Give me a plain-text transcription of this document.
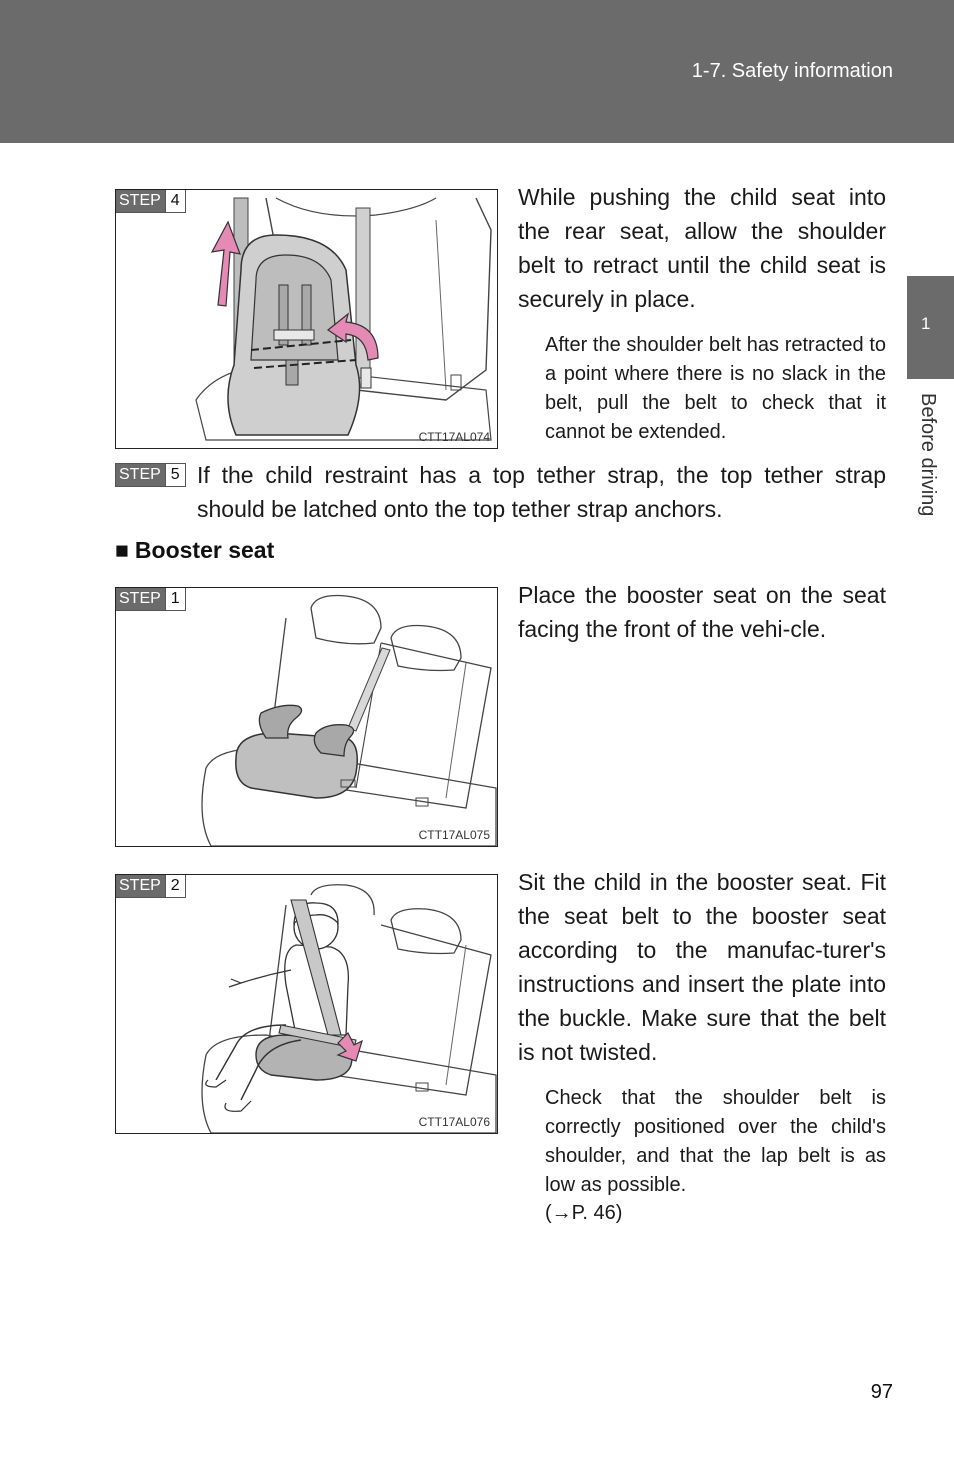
1-7. Safety information
1
Before driving
STEP 4
CTT17AL074
While pushing the child seat into the rear seat, allow the shoulder belt to retract until the child seat is securely in place.
After the shoulder belt has retracted to a point where there is no slack in the belt, pull the belt to check that it cannot be extended.
STEP 5 If the child restraint has a top tether strap, the top tether strap should be latched onto the top tether strap anchors.
■ Booster seat
STEP 1
CTT17AL075
Place the booster seat on the seat facing the front of the vehi-cle.
STEP 2
CTT17AL076
Sit the child in the booster seat. Fit the seat belt to the booster seat according to the manufac-turer's instructions and insert the plate into the buckle. Make sure that the belt is not twisted.
Check that the shoulder belt is correctly positioned over the child's shoulder, and that the lap belt is as low as possible.
(→P. 46)
97
